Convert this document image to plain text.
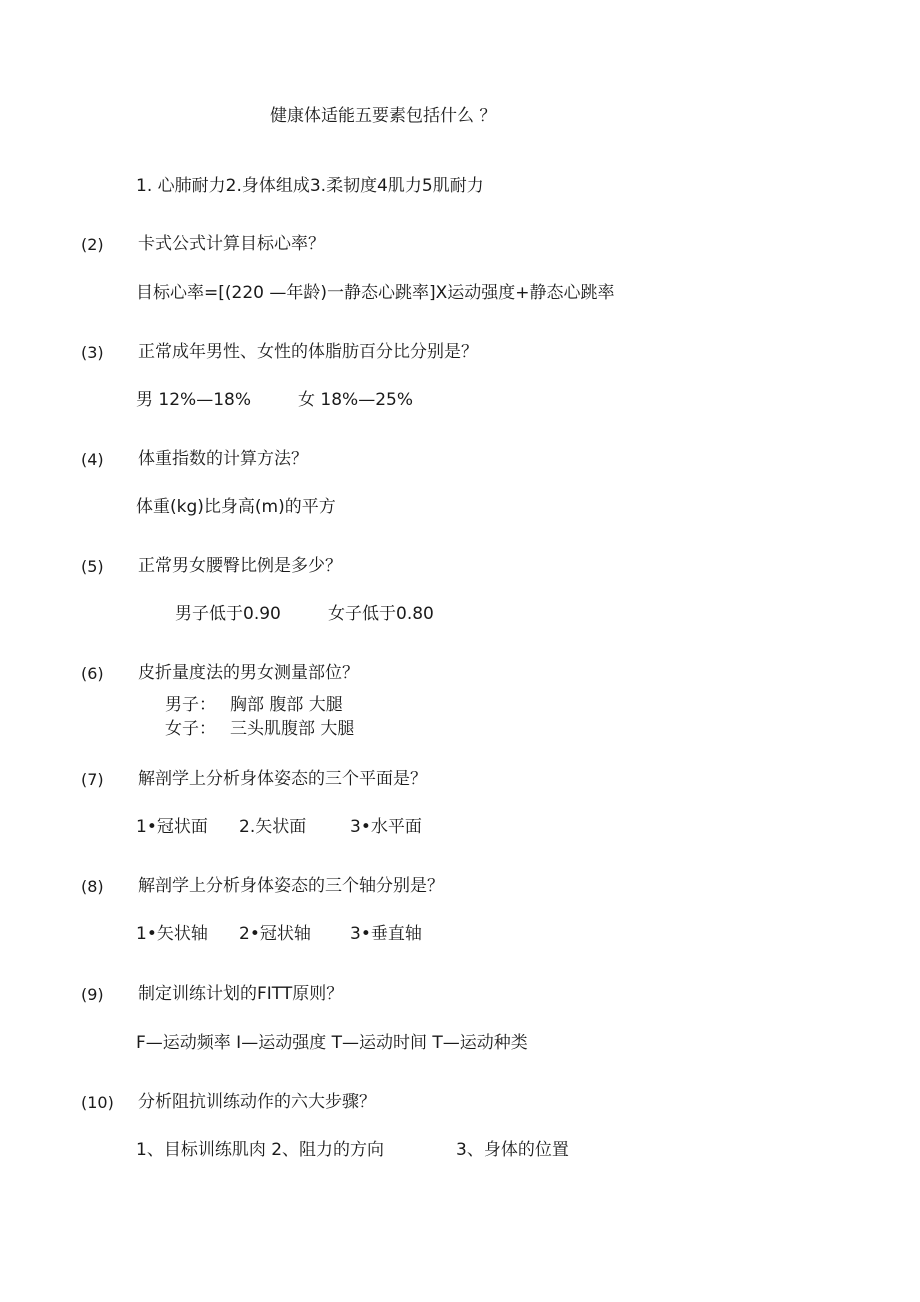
健康体适能五要素包括什么 ？
1. 心肺耐力2.身体组成3.柔韧度4肌力5肌耐力
(2) 卡式公式计算目标心率？
目标心率=[(220 —年龄)一静态心跳率]X运动强度+静态心跳率
(3) 正常成年男性、女性的体脂肪百分比分别是？
男 12%—18%	女 18%—25%
(4) 体重指数的计算方法？
体重(kg)比身高(m)的平方
(5) 正常男女腰臀比例是多少？
男子低于0.90	女子低于0.80
(6) 皮折量度法的男女测量部位？
男子： 胸部 腹部 大腿
女子： 三头肌腹部 大腿
(7) 解剖学上分析身体姿态的三个平面是？
1•冠状面 2.矢状面	3•水平面
(8) 解剖学上分析身体姿态的三个轴分别是？
1•矢状轴 2•冠状轴 3•垂直轴
(9) 制定训练计划的FITT原则？
F—运动频率 I—运动强度 T—运动时间 T—运动种类
(10) 分析阻抗训练动作的六大步骤？
1、目标训练肌肉 2、阻力的方向	3、身体的位置
